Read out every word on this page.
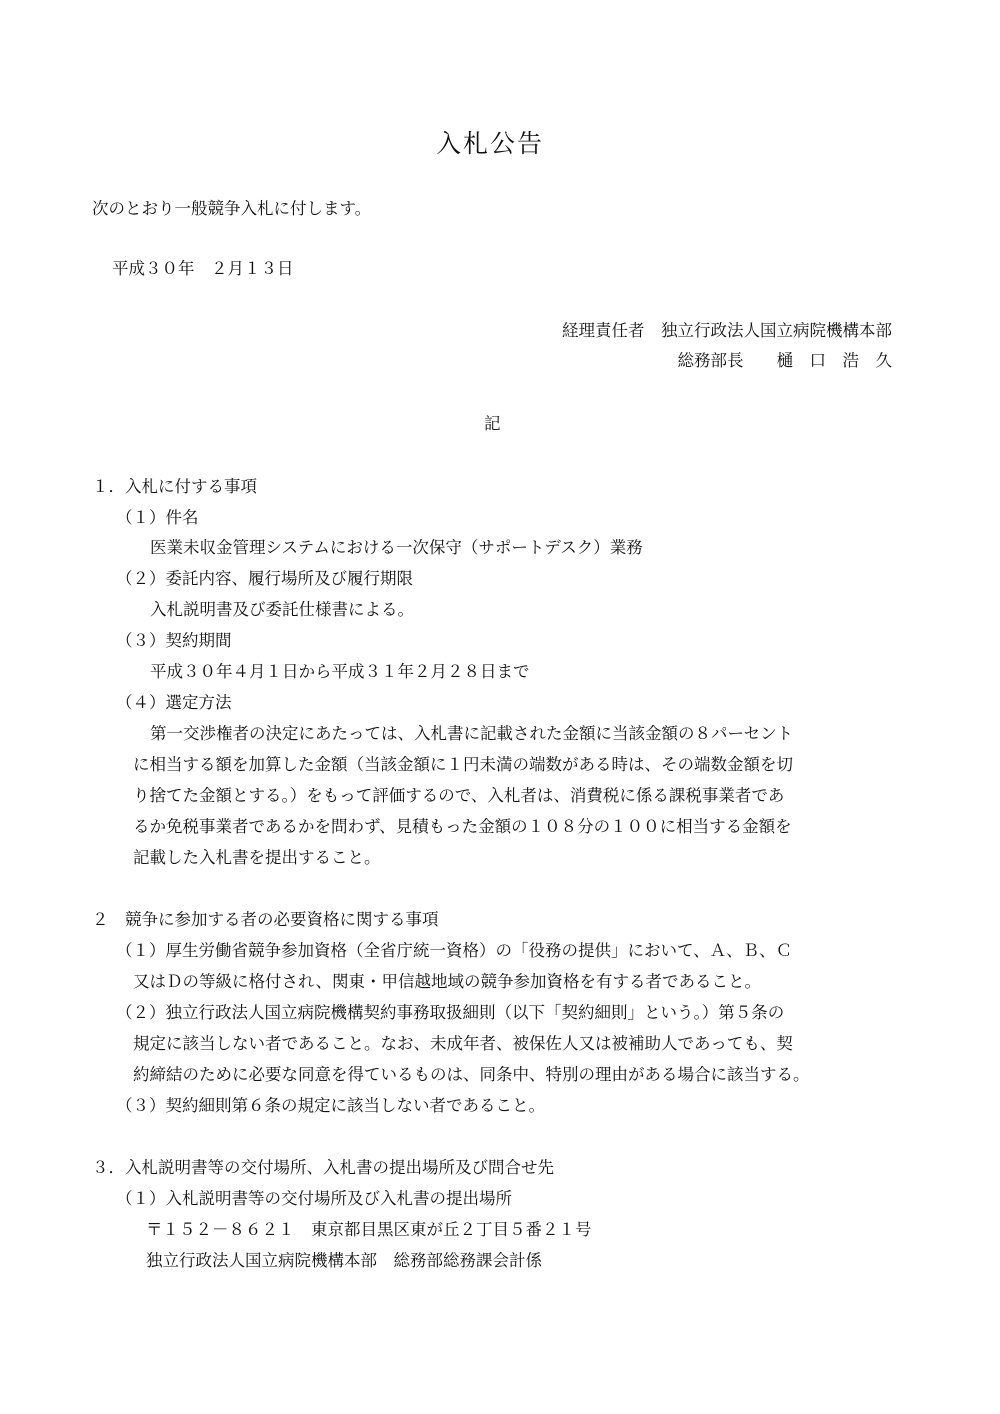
入札公告
次のとおり一般競争入札に付します。
平成３０年　２月１３日
経理責任者　独立行政法人国立病院機構本部
総務部長　　樋　口　浩　久
記
１．入札に付する事項
（１）件名
医業未収金管理システムにおける一次保守（サポートデスク）業務
（２）委託内容、履行場所及び履行期限
入札説明書及び委託仕様書による。
（３）契約期間
平成３０年４月１日から平成３１年２月２８日まで
（４）選定方法
第一交渉権者の決定にあたっては、入札書に記載された金額に当該金額の８パーセント
に相当する額を加算した金額（当該金額に１円未満の端数がある時は、その端数金額を切
り捨てた金額とする。）をもって評価するので、入札者は、消費税に係る課税事業者であ
るか免税事業者であるかを問わず、見積もった金額の１０８分の１００に相当する金額を
記載した入札書を提出すること。
２　競争に参加する者の必要資格に関する事項
（１）厚生労働省競争参加資格（全省庁統一資格）の「役務の提供」において、Ａ、Ｂ、Ｃ
又はＤの等級に格付され、関東・甲信越地域の競争参加資格を有する者であること。
（２）独立行政法人国立病院機構契約事務取扱細則（以下「契約細則」という。）第５条の
規定に該当しない者であること。なお、未成年者、被保佐人又は被補助人であっても、契
約締結のために必要な同意を得ているものは、同条中、特別の理由がある場合に該当する。
（３）契約細則第６条の規定に該当しない者であること。
３．入札説明書等の交付場所、入札書の提出場所及び問合せ先
（１）入札説明書等の交付場所及び入札書の提出場所
〒１５２－８６２１　東京都目黒区東が丘２丁目５番２１号
独立行政法人国立病院機構本部　総務部総務課会計係
